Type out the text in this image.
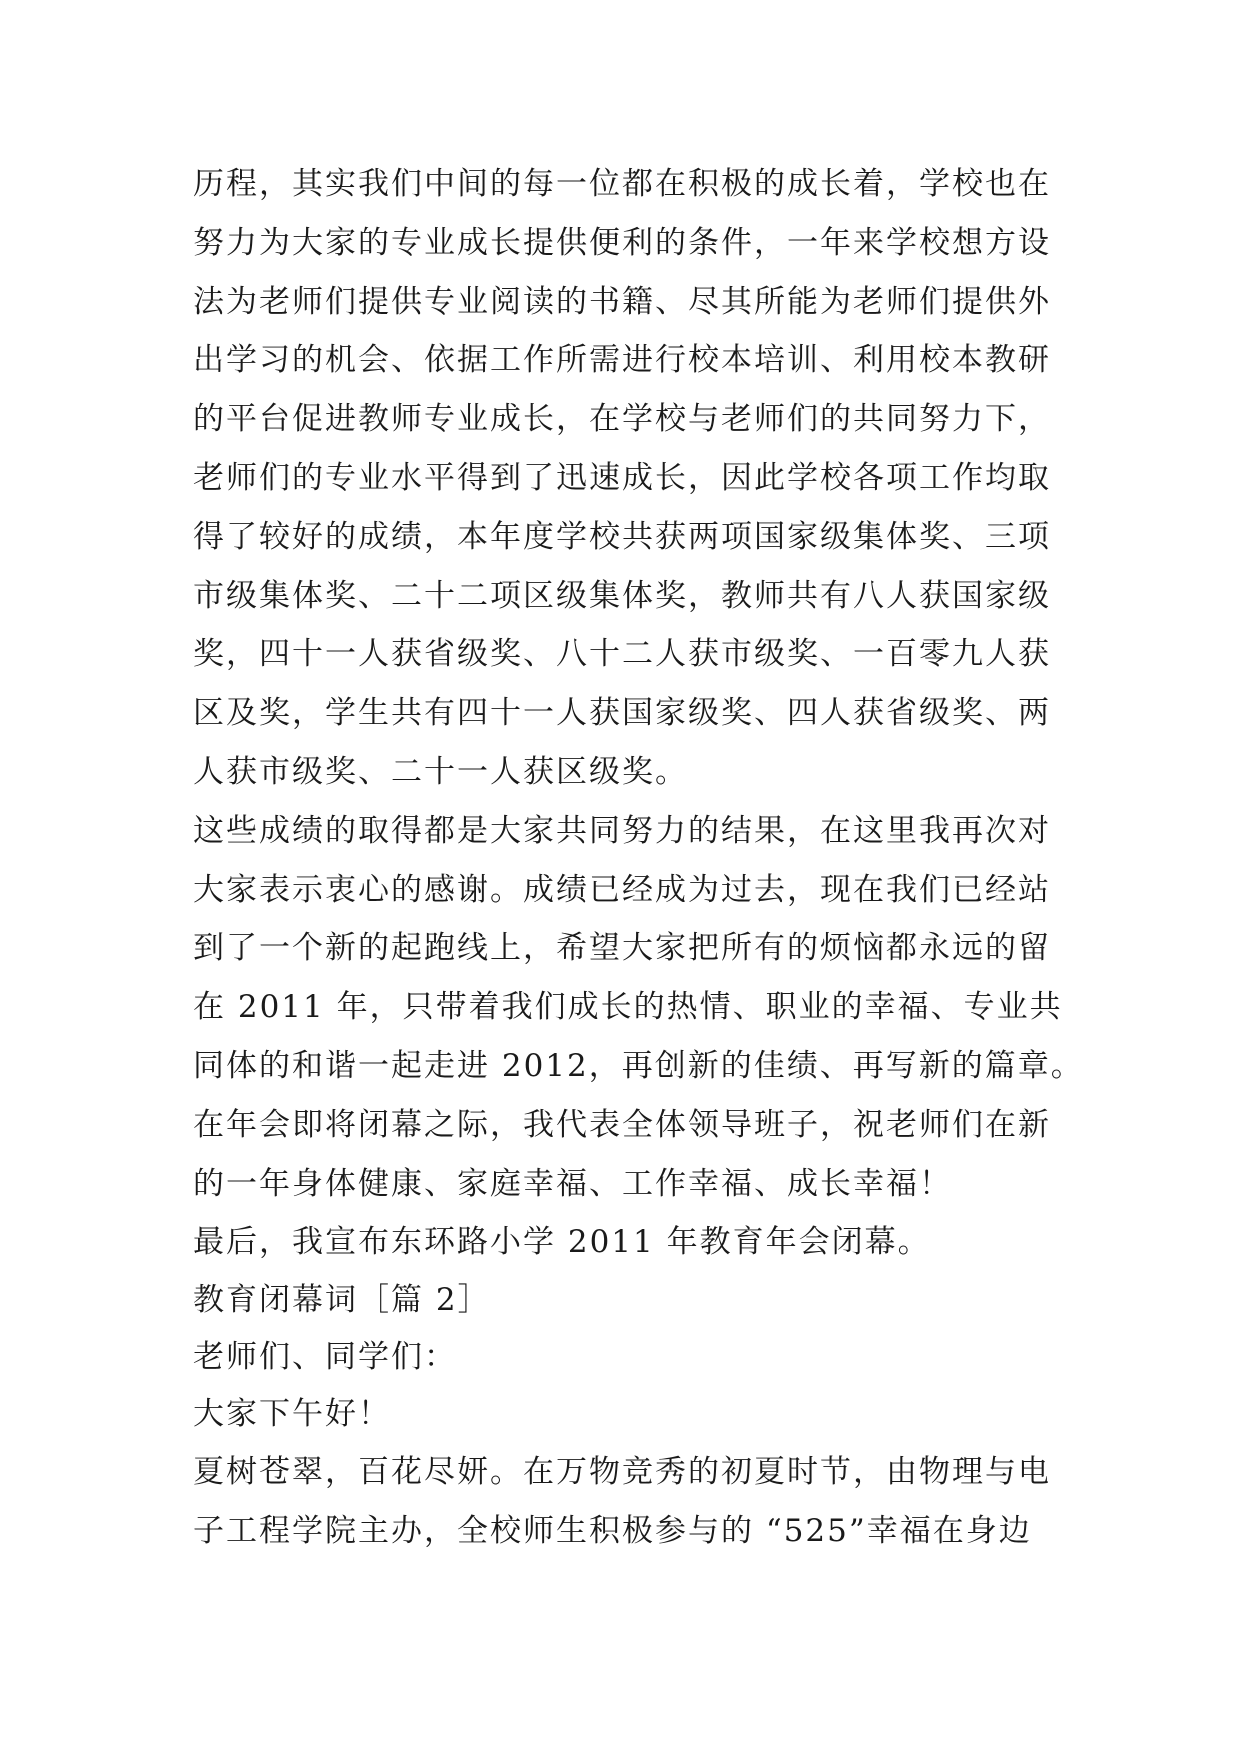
历程，其实我们中间的每一位都在积极的成长着，学校也在
努力为大家的专业成长提供便利的条件，一年来学校想方设
法为老师们提供专业阅读的书籍、尽其所能为老师们提供外
出学习的机会、依据工作所需进行校本培训、利用校本教研
的平台促进教师专业成长，在学校与老师们的共同努力下，
老师们的专业水平得到了迅速成长，因此学校各项工作均取
得了较好的成绩，本年度学校共获两项国家级集体奖、三项
市级集体奖、二十二项区级集体奖，教师共有八人获国家级
奖，四十一人获省级奖、八十二人获市级奖、一百零九人获
区及奖，学生共有四十一人获国家级奖、四人获省级奖、两
人获市级奖、二十一人获区级奖。
这些成绩的取得都是大家共同努力的结果，在这里我再次对
大家表示衷心的感谢。成绩已经成为过去，现在我们已经站
到了一个新的起跑线上，希望大家把所有的烦恼都永远的留
在 2011 年，只带着我们成长的热情、职业的幸福、专业共
同体的和谐一起走进 2012，再创新的佳绩、再写新的篇章。
在年会即将闭幕之际，我代表全体领导班子，祝老师们在新
的一年身体健康、家庭幸福、工作幸福、成长幸福！
最后，我宣布东环路小学 2011 年教育年会闭幕。
教育闭幕词［篇 2］
老师们、同学们：
大家下午好！
夏树苍翠，百花尽妍。在万物竞秀的初夏时节，由物理与电
子工程学院主办，全校师生积极参与的 “525”幸福在身边
